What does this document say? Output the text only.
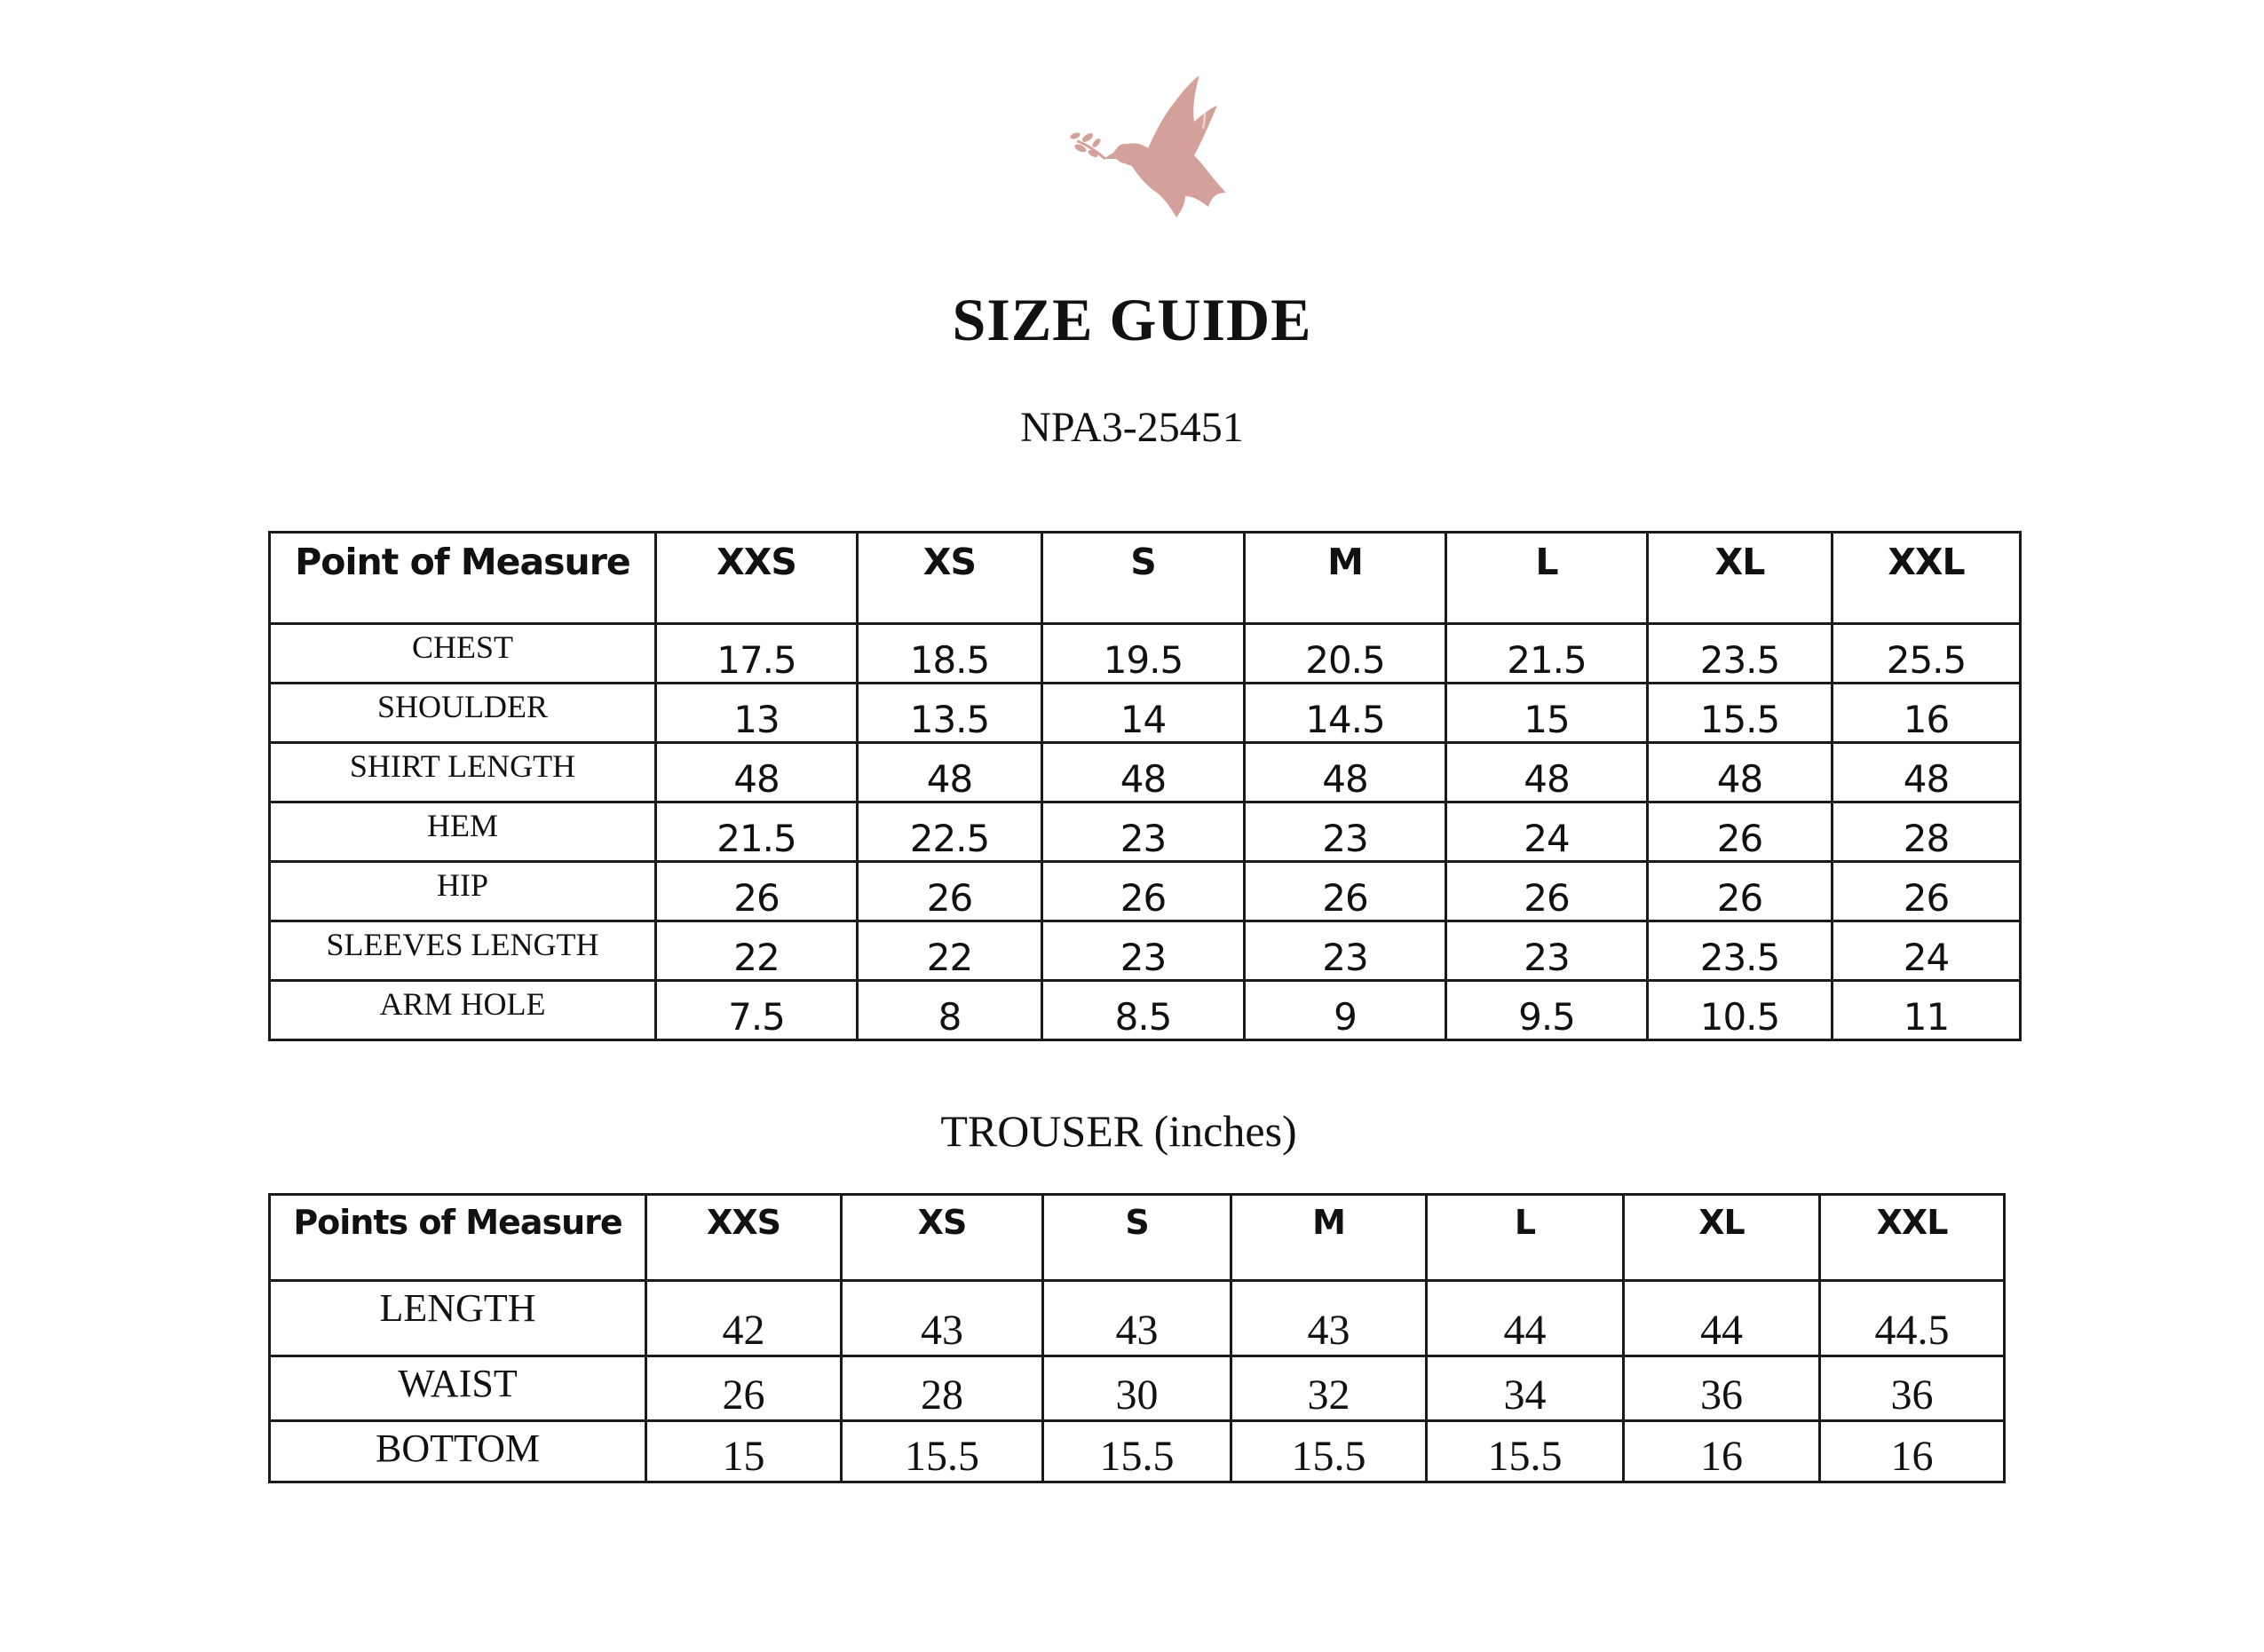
SIZE GUIDE
NPA3-25451
Point of Measure	XXS	XS	S	M	L	XL	XXL
CHEST	17.5	18.5	19.5	20.5	21.5	23.5	25.5
SHOULDER	13	13.5	14	14.5	15	15.5	16
SHIRT LENGTH	48	48	48	48	48	48	48
HEM	21.5	22.5	23	23	24	26	28
HIP	26	26	26	26	26	26	26
SLEEVES LENGTH	22	22	23	23	23	23.5	24
ARM HOLE	7.5	8	8.5	9	9.5	10.5	11
TROUSER (inches)
Points of Measure	XXS	XS	S	M	L	XL	XXL
LENGTH	42	43	43	43	44	44	44.5
WAIST	26	28	30	32	34	36	36
BOTTOM	15	15.5	15.5	15.5	15.5	16	16
